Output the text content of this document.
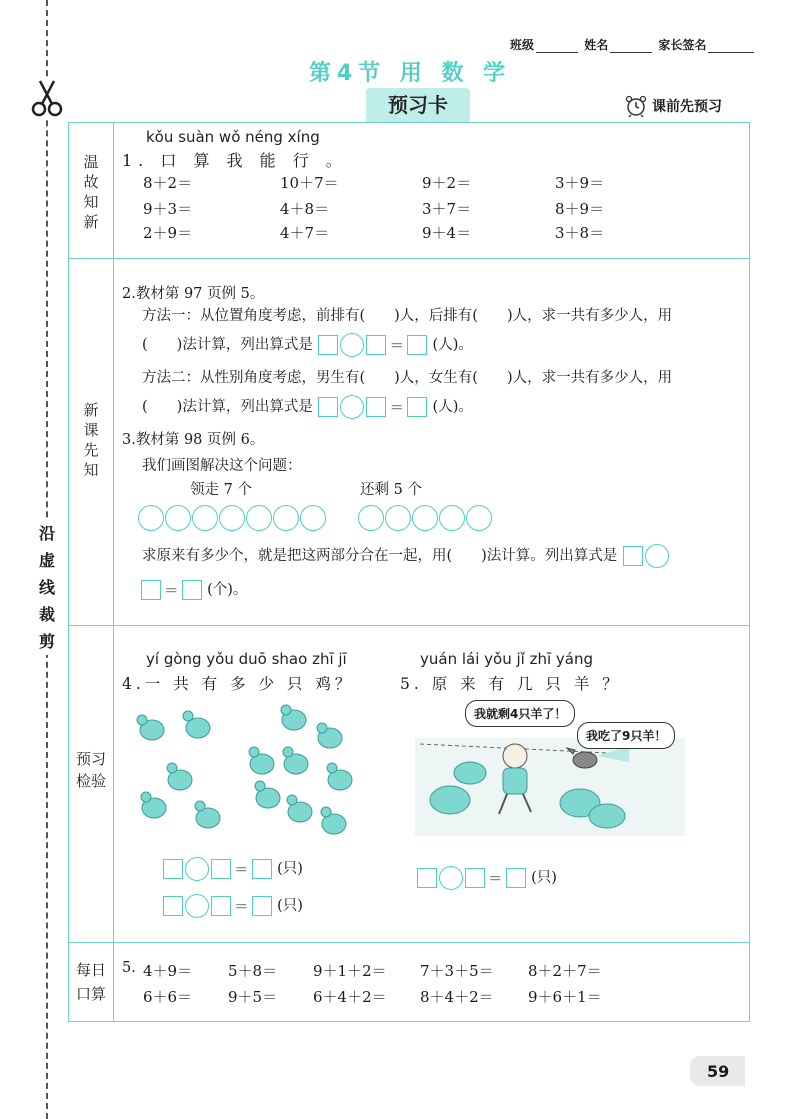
沿虚线裁剪
班级	姓名	家长签名
第4节 用 数 学
预习卡	课前先预习
温故知新
新课先知
预习检验
每日
口算
kǒu suàn wǒ néng xíng
1. 口 算 我 能 行 。
8＋2＝	10＋7＝	9＋2＝	3＋9＝
9＋3＝	4＋8＝	3＋7＝	8＋9＝
2＋9＝	4＋7＝	9＋4＝	3＋8＝
2.教材第 97 页例 5。
方法一：从位置角度考虑，前排有(　　)人，后排有(　　)人，求一共有多少人，用
(　　)法计算，列出算式是	＝ (人)。
方法二：从性别角度考虑，男生有(　　)人，女生有(　　)人，求一共有多少人，用
(　　)法计算，列出算式是	＝ (人)。
3.教材第 98 页例 6。
我们画图解决这个问题：
领走 7 个	还剩 5 个
求原来有多少个，就是把这两部分合在一起，用(　　)法计算。列出算式是
＝ (个)。
yí gòng yǒu duō shao zhī jī
4.一 共 有 多 少 只 鸡？
yuán lái yǒu jǐ zhī yáng
5. 原 来 有 几 只 羊 ？
我就剩4只羊了！
我吃了9只羊！
＝ (只)
＝ (只)
＝ (只)
5. 4＋9＝ 5＋8＝ 9＋1＋2＝ 7＋3＋5＝ 8＋2＋7＝
6＋6＝ 9＋5＝ 6＋4＋2＝ 8＋4＋2＝ 9＋6＋1＝
59
